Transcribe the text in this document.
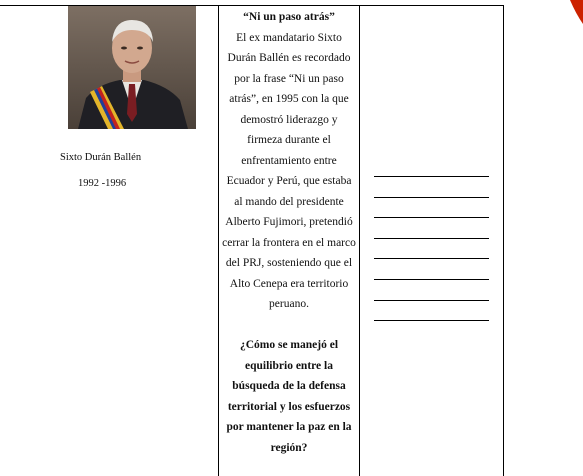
Sixto Durán Ballén
1992 -1996
“Ni un paso atrás”

El ex mandatario Sixto Durán Ballén es recordado por la frase “Ni un paso atrás”, en 1995 con la que demostró liderazgo y firmeza durante el enfrentamiento entre Ecuador y Perú, que estaba al mando del presidente Alberto Fujimori, pretendió cerrar la frontera en el marco del PRJ, sosteniendo que el Alto Cenepa era territorio peruano.

¿Cómo se manejó el equilibrio entre la búsqueda de la defensa territorial y los esfuerzos por mantener la paz en la región?
